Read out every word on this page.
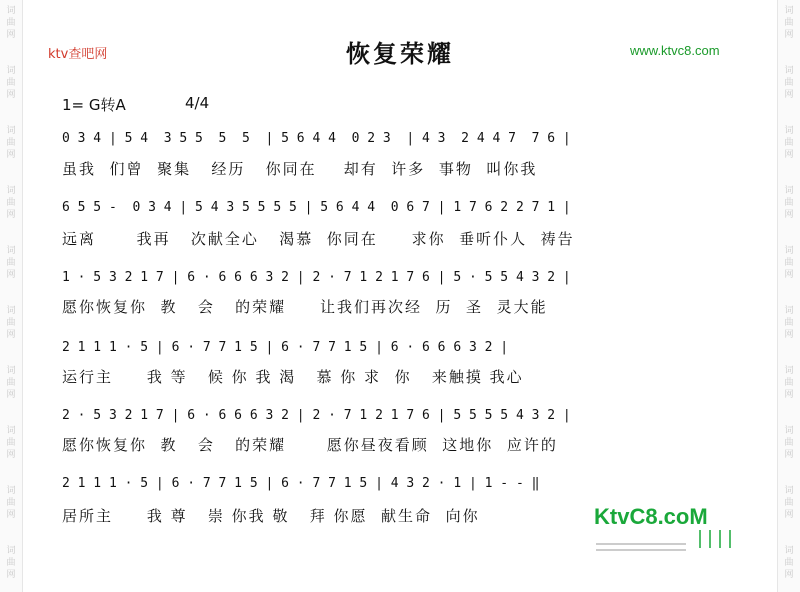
词
曲
网
词
曲
网
词
曲
网
词
曲
网
词
曲
网
词
曲
网
词
曲
网
词
曲
网
词
曲
网
词
曲
网
词
曲
网
词
曲
网
词
曲
网
词
曲
网
词
曲
网
词
曲
网
词
曲
网
词
曲
网
词
曲
网
词
曲
网
ktv查吧网	恢复荣耀	www.ktvc8.com
1= G转A	4/4
0 3 4 | 5 4  3 5 5  5  5  | 5 6 4 4  0 2 3  | 4 3  2 4 4 7  7 6 |
虽我  们曾  聚集   经历   你同在    却有  许多  事物  叫你我
6 5 5 -  0 3 4 | 5 4 3 5 5 5 5 | 5 6 4 4  0 6 7 | 1 7 6 2 2 7 1 |
远离      我再   次献全心   渴慕  你同在     求你  垂听仆人  祷告
1 · 5 3 2 1 7 | 6 · 6 6 6 3 2 | 2 · 7 1 2 1 7 6 | 5 · 5 5 4 3 2 |
愿你恢复你  教   会   的荣耀     让我们再次经  历  圣  灵大能
2 1 1 1 · 5 | 6 · 7 7 1 5 | 6 · 7 7 1 5 | 6 · 6 6 6 3 2 |
运行主     我 等   候 你 我 渴   慕 你 求  你   来触摸 我心
2 · 5 3 2 1 7 | 6 · 6 6 6 3 2 | 2 · 7 1 2 1 7 6 | 5 5 5 5 4 3 2 |
愿你恢复你  教   会   的荣耀      愿你昼夜看顾  这地你  应许的
2 1 1 1 · 5 | 6 · 7 7 1 5 | 6 · 7 7 1 5 | 4 3 2 · 1 | 1 - - ‖
居所主     我 尊   崇 你我 敬   拜 你愿  献生命  向你	KtvC8.coM
